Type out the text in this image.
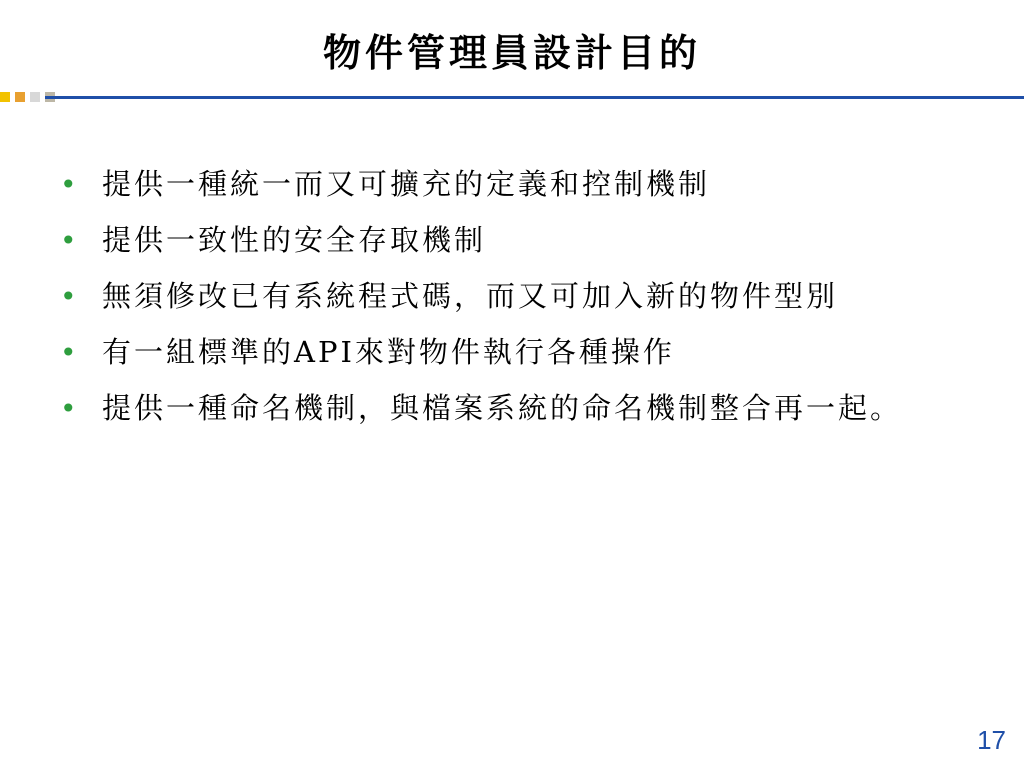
物件管理員設計目的
• 提供一種統一而又可擴充的定義和控制機制
• 提供一致性的安全存取機制
• 無須修改已有系統程式碼，而又可加入新的物件型別
• 有一組標準的API來對物件執行各種操作
• 提供一種命名機制，與檔案系統的命名機制整合再一起。
17
